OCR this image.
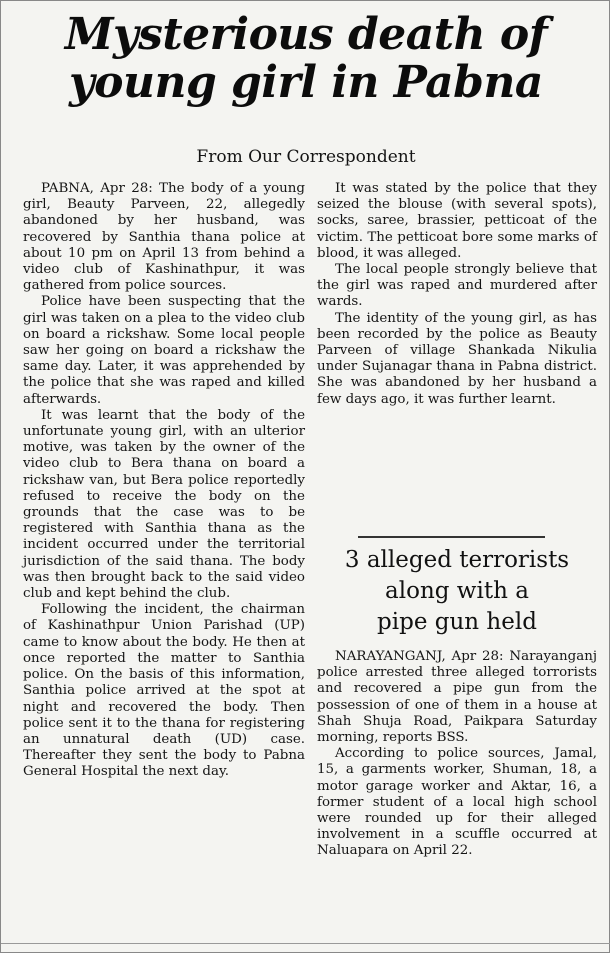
Mysterious death of
young girl in Pabna
From Our Correspondent

PABNA, Apr 28: The body of a young girl, Beauty Parveen, 22, allegedly abandoned by her husband, was recovered by Santhia thana police at about 10 pm on April 13 from behind a video club of Kashinathpur, it was gathered from police sources.

Police have been suspecting that the girl was taken on a plea to the video club on board a rickshaw. Some local people saw her going on board a rickshaw the same day. Later, it was apprehended by the police that she was raped and killed afterwards.

It was learnt that the body of the unfortunate young girl, with an ulterior motive, was taken by the owner of the video club to Bera thana on board a rickshaw van, but Bera police reportedly refused to receive the body on the grounds that the case was to be registered with Santhia thana as the incident occurred under the territorial jurisdiction of the said thana. The body was then brought back to the said video club and kept behind the club.

Following the incident, the chairman of Kashinathpur Union Parishad (UP) came to know about the body. He then at once reported the matter to Santhia police. On the basis of this information, Santhia police arrived at the spot at night and recovered the body. Then police sent it to the thana for registering an unnatural death (UD) case. Thereafter they sent the body to Pabna General Hospital the next day.

It was stated by the police that they seized the blouse (with several spots), socks, saree, brassier, petticoat of the victim. The petticoat bore some marks of blood, it was alleged.

The local people strongly believe that the girl was raped and murdered after wards.

The identity of the young girl, as has been recorded by the police as Beauty Parveen of village Shankada Nikulia under Sujanagar thana in Pabna district. She was abandoned by her husband a few days ago, it was further learnt.

3 alleged terrorists
along with a
pipe gun held

NARAYANGANJ, Apr 28: Narayanganj police arrested three alleged torrorists and recovered a pipe gun from the possession of one of them in a house at Shah Shuja Road, Paikpara Saturday morning, reports BSS.

According to police sources, Jamal, 15, a garments worker, Shuman, 18, a motor garage worker and Aktar, 16, a former student of a local high school were rounded up for their alleged involvement in a scuffle occurred at Naluapara on April 22.
